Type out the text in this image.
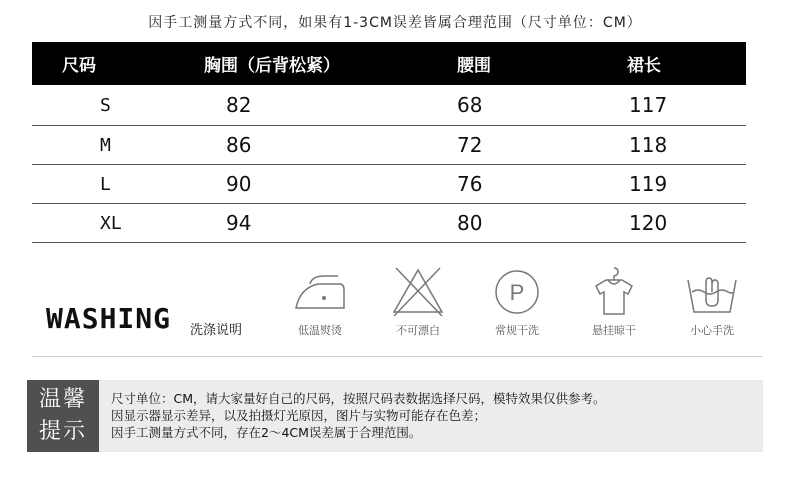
因手工测量方式不同，如果有1-3CM误差皆属合理范围（尺寸单位：CM）
尺码	胸围（后背松紧）	腰围	裙长
S	82	68	117
M	86	72	118
L	90	76	119
XL	94	80	120
WASHING 洗涤说明	低温熨烫	不可漂白
P
常规干洗	悬挂晾干	小心手洗
温馨
提示
尺寸单位：CM，请大家量好自己的尺码，按照尺码表数据选择尺码，模特效果仅供参考。
因显示器显示差异，以及拍摄灯光原因，图片与实物可能存在色差；
因手工测量方式不同，存在2～4CM误差属于合理范围。
